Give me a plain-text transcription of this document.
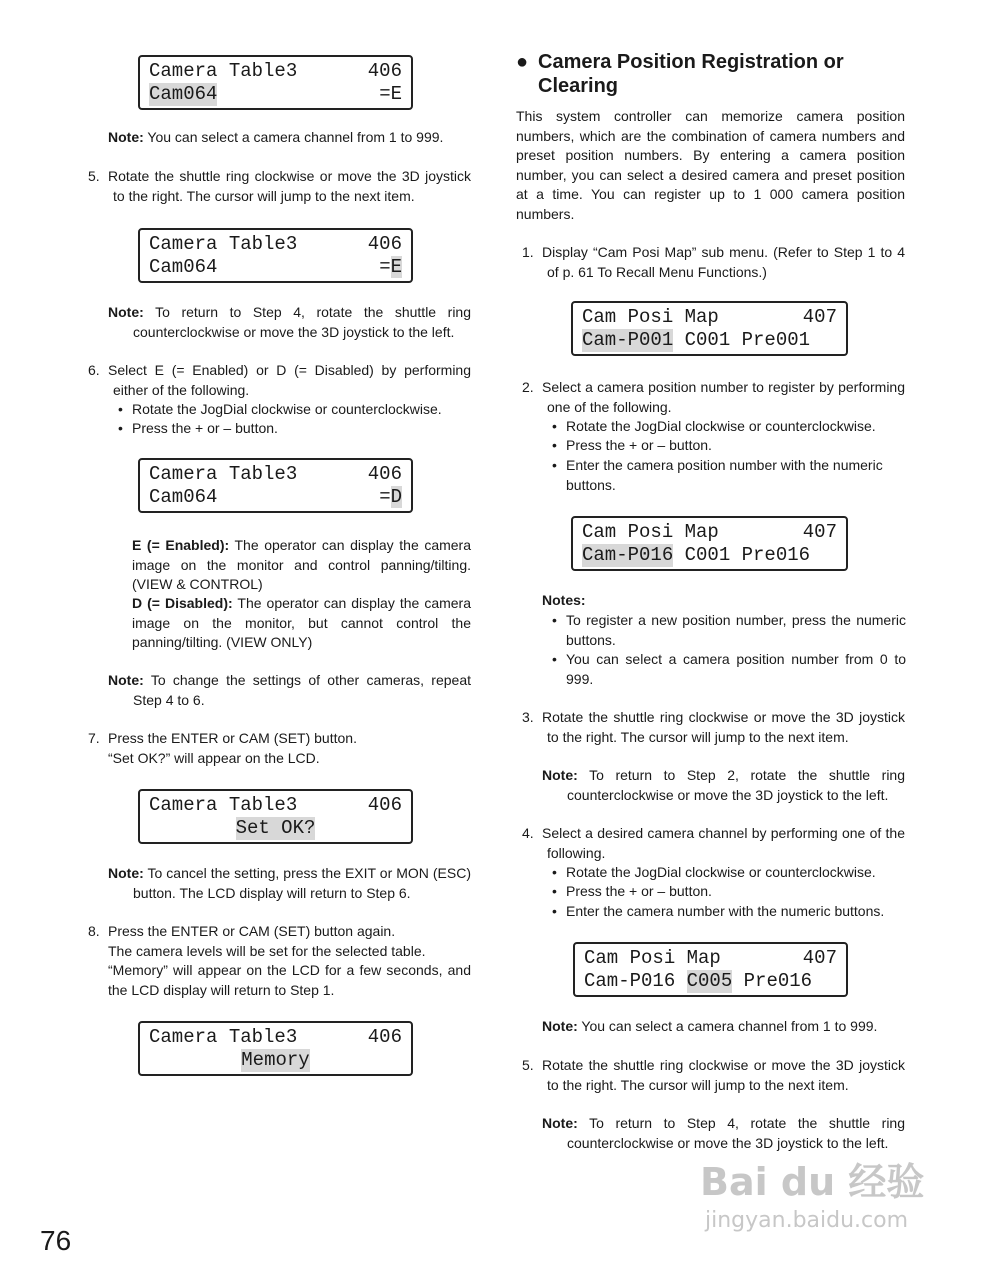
Camera Table3	406
Cam064	=E
Note: You can select a camera channel from 1 to 999.
5. Rotate the shuttle ring clockwise or move the 3D joystick to the right. The cursor will jump to the next item.
Camera Table3	406
Cam064	=E
Note: To return to Step 4, rotate the shuttle ring counterclockwise or move the 3D joystick to the left.
6. Select E (= Enabled) or D (= Disabled) by performing either of the following.
• Rotate the JogDial clockwise or counterclockwise.
• Press the + or – button.
Camera Table3	406
Cam064	=D
E (= Enabled): The operator can display the camera image on the monitor and control panning/tilting. (VIEW & CONTROL)
D (= Disabled): The operator can display the camera image on the monitor, but cannot control the panning/tilting. (VIEW ONLY)
Note: To change the settings of other cameras, repeat Step 4 to 6.
7. Press the ENTER or CAM (SET) button.
“Set OK?” will appear on the LCD.
Camera Table3	406
Set OK?
Note: To cancel the setting, press the EXIT or MON (ESC) button. The LCD display will return to Step 6.
8. Press the ENTER or CAM (SET) button again.
The camera levels will be set for the selected table.
“Memory” will appear on the LCD for a few seconds, and the LCD display will return to Step 1.
Camera Table3	406
Memory
76
● Camera Position Registration or
Clearing
This system controller can memorize camera position numbers, which are the combination of camera numbers and preset position numbers. By entering a camera position number, you can select a desired camera and preset position at a time. You can register up to 1 000 camera position numbers.
1. Display “Cam Posi Map” sub menu. (Refer to Step 1 to 4 of p. 61 To Recall Menu Functions.)
Cam Posi Map	407
Cam-P001 C001 Pre001
2. Select a camera position number to register by performing one of the following.
• Rotate the JogDial clockwise or counterclockwise.
• Press the + or – button.
• Enter the camera position number with the numeric buttons.
Cam Posi Map	407
Cam-P016 C001 Pre016
Notes:
• To register a new position number, press the numeric buttons.
• You can select a camera position number from 0 to 999.
3. Rotate the shuttle ring clockwise or move the 3D joystick to the right. The cursor will jump to the next item.
Note: To return to Step 2, rotate the shuttle ring counterclockwise or move the 3D joystick to the left.
4. Select a desired camera channel by performing one of the following.
• Rotate the JogDial clockwise or counterclockwise.
• Press the + or – button.
• Enter the camera number with the numeric buttons.
Cam Posi Map	407
Cam-P016 C005 Pre016
Note: You can select a camera channel from 1 to 999.
5. Rotate the shuttle ring clockwise or move the 3D joystick to the right. The cursor will jump to the next item.
Note: To return to Step 4, rotate the shuttle ring counterclockwise or move the 3D joystick to the left.
Bai du 经验
jingyan.baidu.com
